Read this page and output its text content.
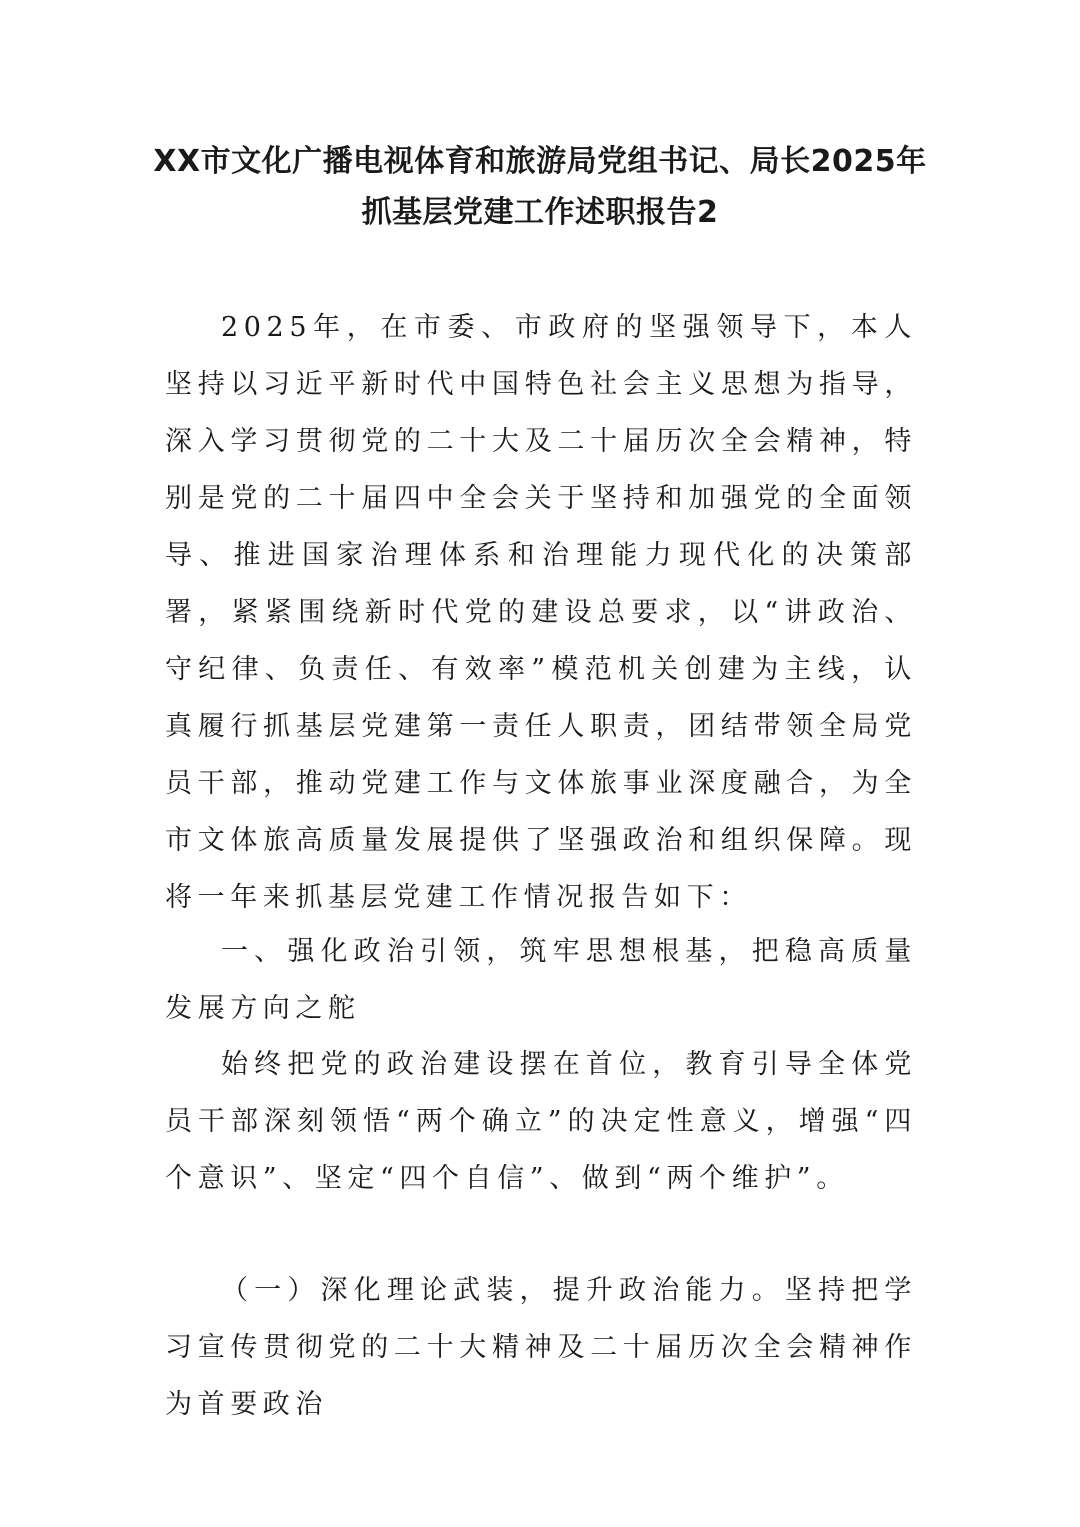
XX市文化广播电视体育和旅游局党组书记、局长2025年抓基层党建工作述职报告2

2025年，在市委、市政府的坚强领导下，本人坚持以习近平新时代中国特色社会主义思想为指导，深入学习贯彻党的二十大及二十届历次全会精神，特别是党的二十届四中全会关于坚持和加强党的全面领导、推进国家治理体系和治理能力现代化的决策部署，紧紧围绕新时代党的建设总要求，以“讲政治、守纪律、负责任、有效率”模范机关创建为主线，认真履行抓基层党建第一责任人职责，团结带领全局党员干部，推动党建工作与文体旅事业深度融合，为全市文体旅高质量发展提供了坚强政治和组织保障。现将一年来抓基层党建工作情况报告如下：

一、强化政治引领，筑牢思想根基，把稳高质量发展方向之舵

始终把党的政治建设摆在首位，教育引导全体党员干部深刻领悟“两个确立”的决定性意义，增强“四个意识”、坚定“四个自信”、做到“两个维护”。

（一）深化理论武装，提升政治能力。坚持把学习宣传贯彻党的二十大精神及二十届历次全会精神作为首要政治
